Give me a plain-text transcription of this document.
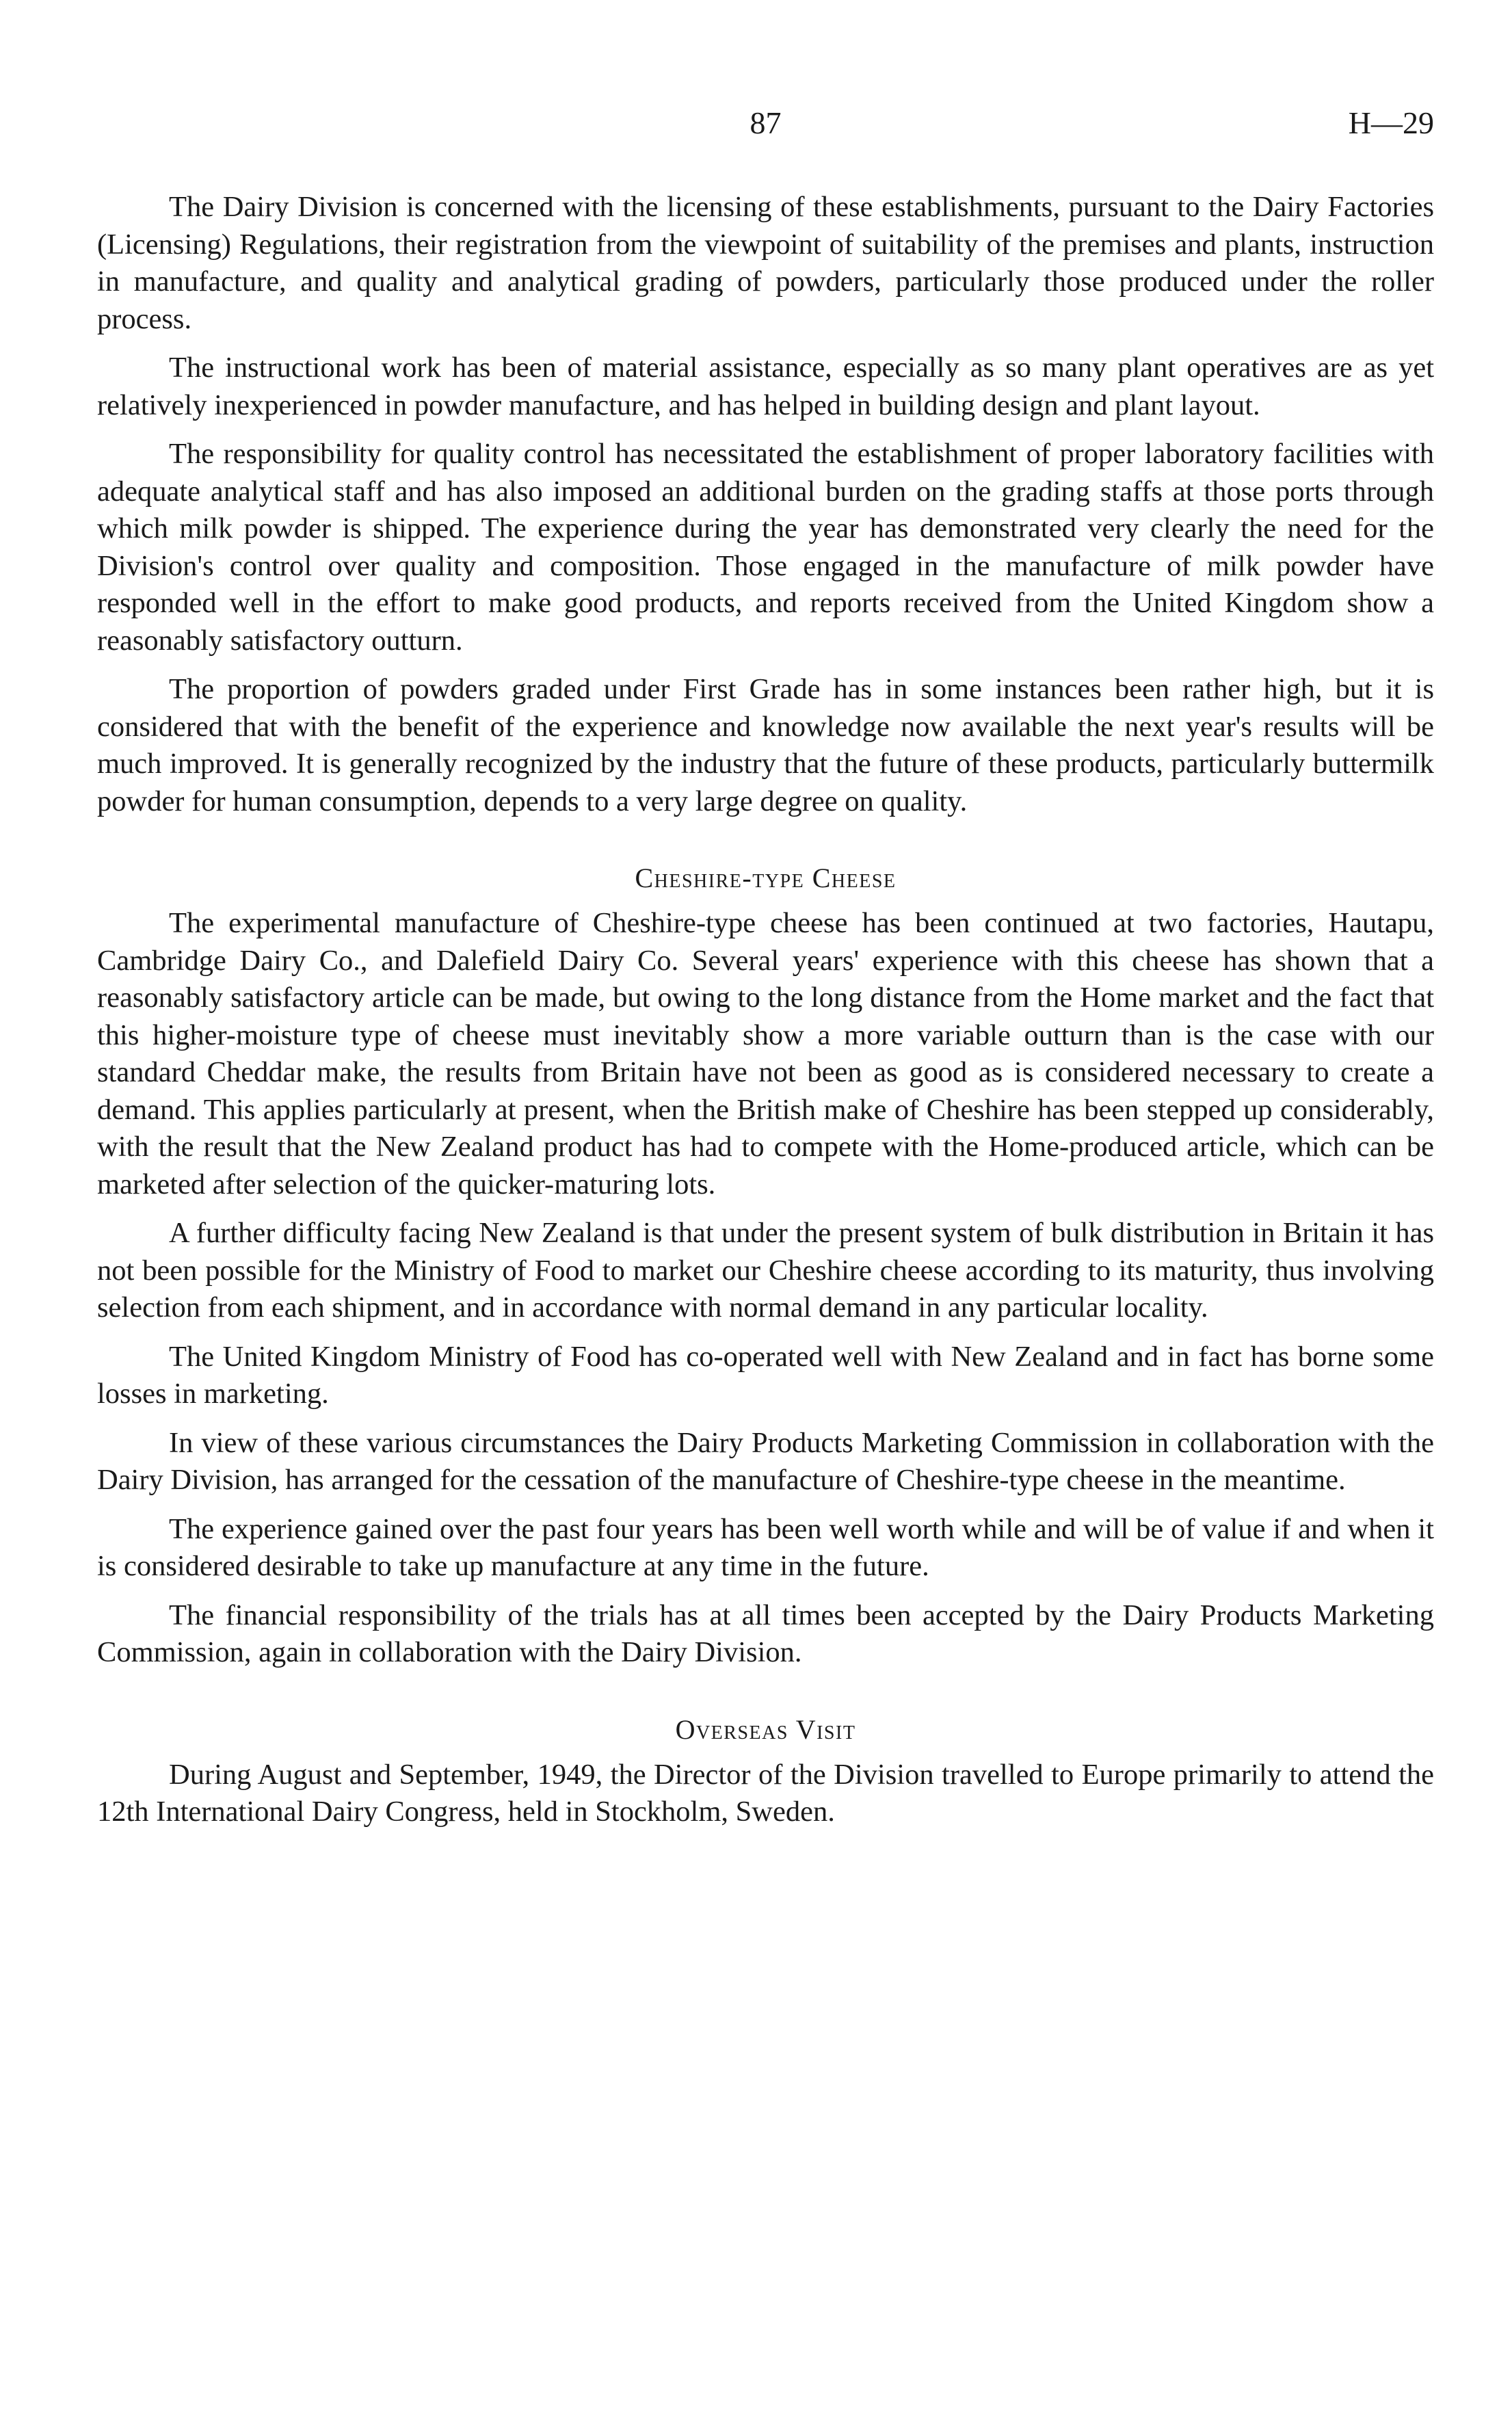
87	H—29

The Dairy Division is concerned with the licensing of these establishments, pursuant to the Dairy Factories (Licensing) Regulations, their registration from the viewpoint of suitability of the premises and plants, instruction in manufacture, and quality and analytical grading of powders, particularly those produced under the roller process.

The instructional work has been of material assistance, especially as so many plant operatives are as yet relatively inexperienced in powder manufacture, and has helped in building design and plant layout.

The responsibility for quality control has necessitated the establishment of proper laboratory facilities with adequate analytical staff and has also imposed an additional burden on the grading staffs at those ports through which milk powder is shipped. The experience during the year has demonstrated very clearly the need for the Division's control over quality and composition. Those engaged in the manufacture of milk powder have responded well in the effort to make good products, and reports received from the United Kingdom show a reasonably satisfactory outturn.

The proportion of powders graded under First Grade has in some instances been rather high, but it is considered that with the benefit of the experience and knowledge now available the next year's results will be much improved. It is generally recognized by the industry that the future of these products, particularly buttermilk powder for human consumption, depends to a very large degree on quality.

Cheshire-type Cheese

The experimental manufacture of Cheshire-type cheese has been continued at two factories, Hautapu, Cambridge Dairy Co., and Dalefield Dairy Co. Several years' experience with this cheese has shown that a reasonably satisfactory article can be made, but owing to the long distance from the Home market and the fact that this higher-moisture type of cheese must inevitably show a more variable outturn than is the case with our standard Cheddar make, the results from Britain have not been as good as is considered necessary to create a demand. This applies particularly at present, when the British make of Cheshire has been stepped up considerably, with the result that the New Zealand product has had to compete with the Home-produced article, which can be marketed after selection of the quicker-maturing lots.

A further difficulty facing New Zealand is that under the present system of bulk distribution in Britain it has not been possible for the Ministry of Food to market our Cheshire cheese according to its maturity, thus involving selection from each shipment, and in accordance with normal demand in any particular locality.

The United Kingdom Ministry of Food has co-operated well with New Zealand and in fact has borne some losses in marketing.

In view of these various circumstances the Dairy Products Marketing Commission in collaboration with the Dairy Division, has arranged for the cessation of the manufacture of Cheshire-type cheese in the meantime.

The experience gained over the past four years has been well worth while and will be of value if and when it is considered desirable to take up manufacture at any time in the future.

The financial responsibility of the trials has at all times been accepted by the Dairy Products Marketing Commission, again in collaboration with the Dairy Division.

Overseas Visit

During August and September, 1949, the Director of the Division travelled to Europe primarily to attend the 12th International Dairy Congress, held in Stockholm, Sweden.
